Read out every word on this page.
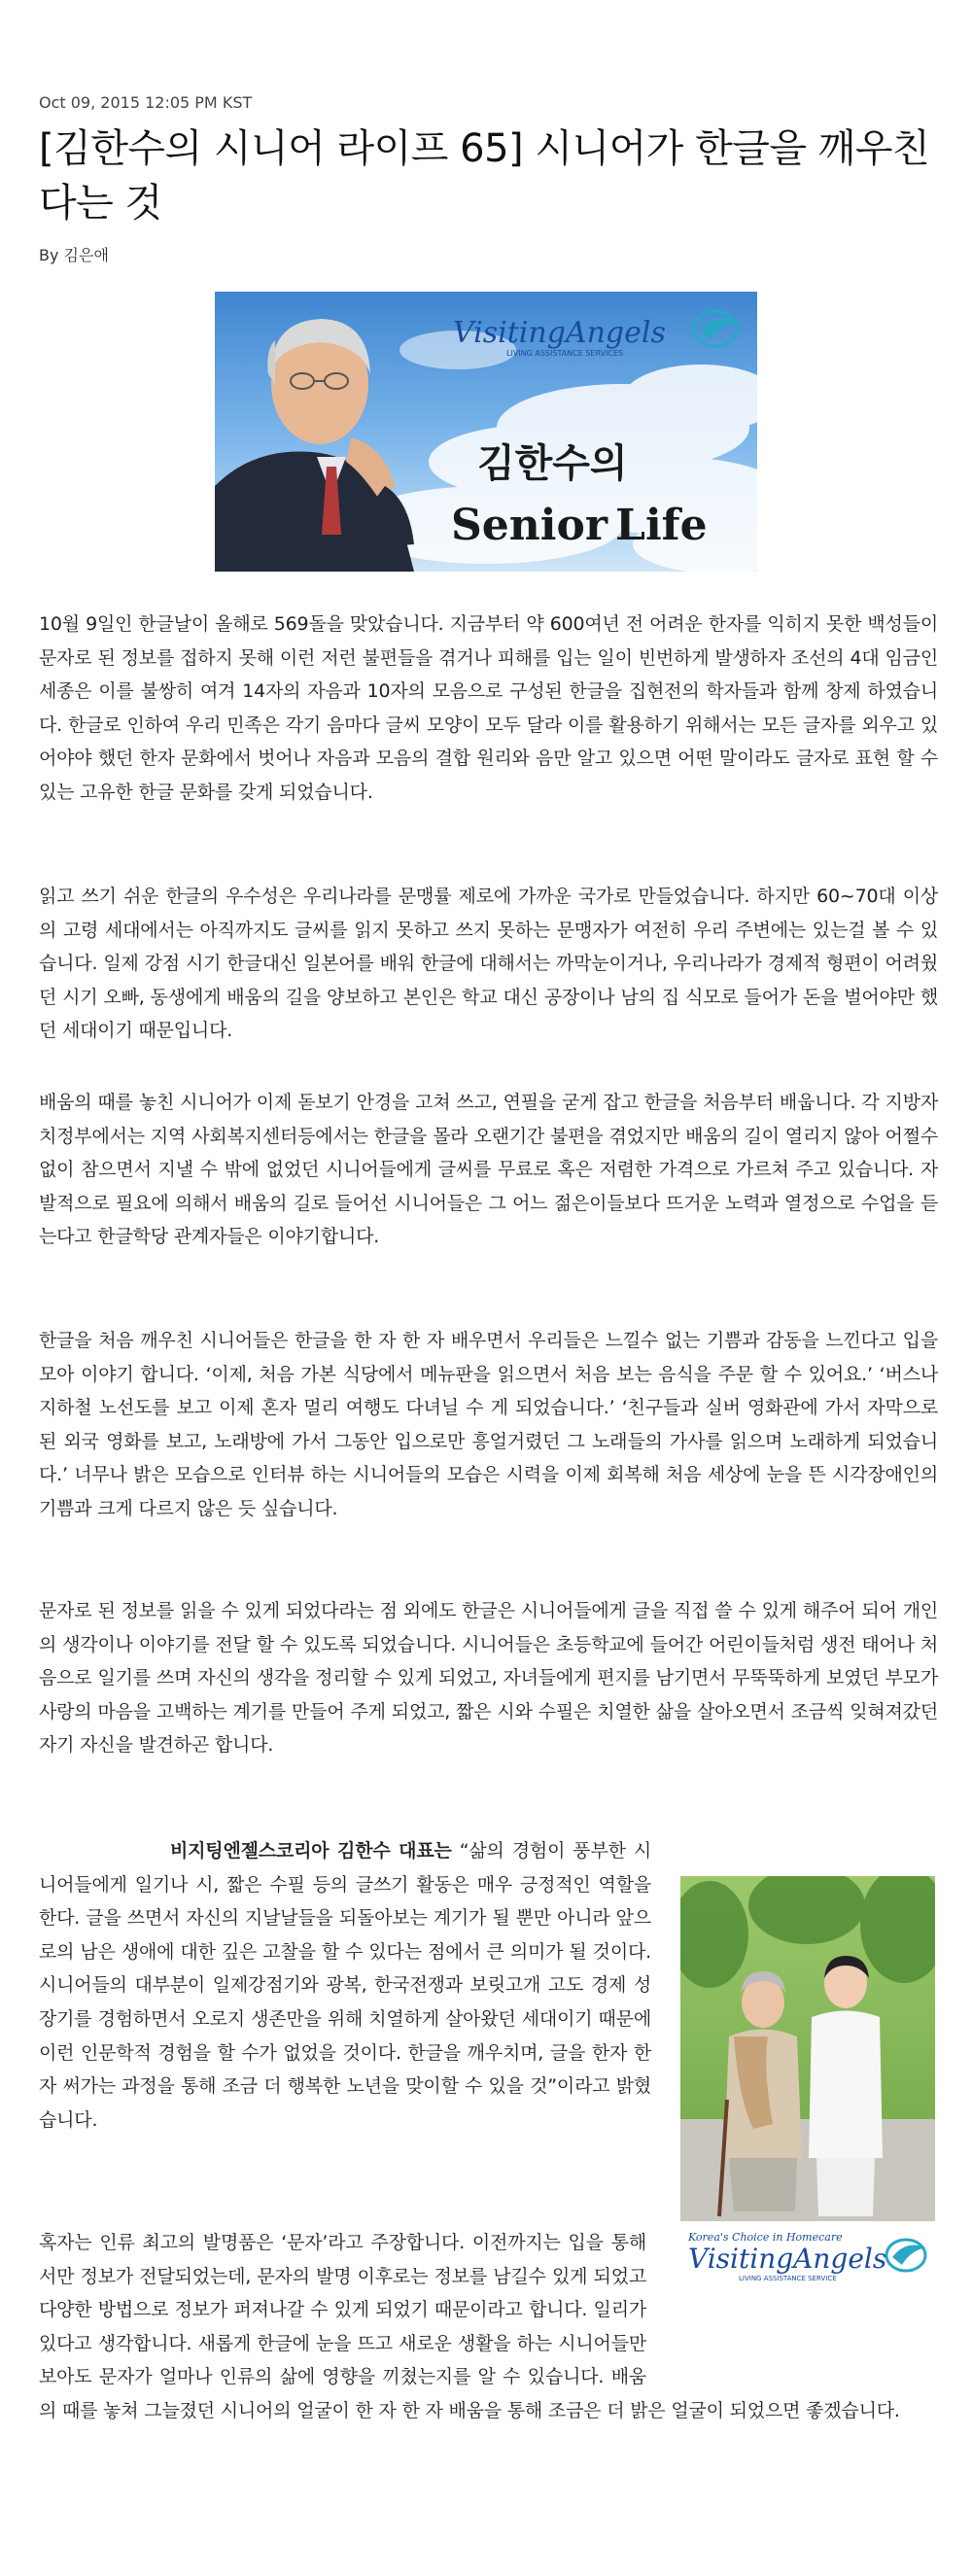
Oct 09, 2015 12:05 PM KST
[김한수의 시니어 라이프 65] 시니어가 한글을 깨우친다는 것
By 김은애
VisitingAngels
LIVING ASSISTANCE SERVICES
김한수의
Senior Life

10월 9일인 한글날이 올해로 569돌을 맞았습니다. 지금부터 약 600여년 전 어려운 한자를 익히지 못한 백성들이 문자로 된 정보를 접하지 못해 이런 저런 불편들을 겪거나 피해를 입는 일이 빈번하게 발생하자 조선의 4대 임금인 세종은 이를 불쌍히 여겨 14자의 자음과 10자의 모음으로 구성된 한글을 집현전의 학자들과 함께 창제 하였습니다. 한글로 인하여 우리 민족은 각기 음마다 글씨 모양이 모두 달라 이를 활용하기 위해서는 모든 글자를 외우고 있어야야 했던 한자 문화에서 벗어나 자음과 모음의 결합 원리와 음만 알고 있으면 어떤 말이라도 글자로 표현 할 수 있는 고유한 한글 문화를 갖게 되었습니다.

읽고 쓰기 쉬운 한글의 우수성은 우리나라를 문맹률 제로에 가까운 국가로 만들었습니다. 하지만 60~70대 이상의 고령 세대에서는 아직까지도 글씨를 읽지 못하고 쓰지 못하는 문맹자가 여전히 우리 주변에는 있는걸 볼 수 있습니다. 일제 강점 시기 한글대신 일본어를 배워 한글에 대해서는 까막눈이거나, 우리나라가 경제적 형편이 어려웠던 시기 오빠, 동생에게 배움의 길을 양보하고 본인은 학교 대신 공장이나 남의 집 식모로 들어가 돈을 벌어야만 했던 세대이기 때문입니다.

배움의 때를 놓친 시니어가 이제 돋보기 안경을 고쳐 쓰고, 연필을 굳게 잡고 한글을 처음부터 배웁니다. 각 지방자치정부에서는 지역 사회복지센터등에서는 한글을 몰라 오랜기간 불편을 겪었지만 배움의 길이 열리지 않아 어쩔수 없이 참으면서 지낼 수 밖에 없었던 시니어들에게 글씨를 무료로 혹은 저렴한 가격으로 가르쳐 주고 있습니다. 자발적으로 필요에 의해서 배움의 길로 들어선 시니어들은 그 어느 젊은이들보다 뜨거운 노력과 열정으로 수업을 듣는다고 한글학당 관계자들은 이야기합니다.

한글을 처음 깨우친 시니어들은 한글을 한 자 한 자 배우면서 우리들은 느낄수 없는 기쁨과 감동을 느낀다고 입을 모아 이야기 합니다. ‘이제, 처음 가본 식당에서 메뉴판을 읽으면서 처음 보는 음식을 주문 할 수 있어요.’ ‘버스나 지하철 노선도를 보고 이제 혼자 멀리 여행도 다녀닐 수 게 되었습니다.’ ‘친구들과 실버 영화관에 가서 자막으로 된 외국 영화를 보고, 노래방에 가서 그동안 입으로만 흥얼거렸던 그 노래들의 가사를 읽으며 노래하게 되었습니다.’ 너무나 밝은 모습으로 인터뷰 하는 시니어들의 모습은 시력을 이제 회복해 처음 세상에 눈을 뜬 시각장애인의 기쁨과 크게 다르지 않은 듯 싶습니다.

문자로 된 정보를 읽을 수 있게 되었다라는 점 외에도 한글은 시니어들에게 글을 직접 쓸 수 있게 해주어 되어 개인의 생각이나 이야기를 전달 할 수 있도록 되었습니다. 시니어들은 초등학교에 들어간 어린이들처럼 생전 태어나 처음으로 일기를 쓰며 자신의 생각을 정리할 수 있게 되었고, 자녀들에게 편지를 남기면서 무뚝뚝하게 보였던 부모가 사랑의 마음을 고백하는 계기를 만들어 주게 되었고, 짧은 시와 수필은 치열한 삶을 살아오면서 조금씩 잊혀져갔던 자기 자신을 발견하곤 합니다.

비지팅엔젤스코리아 김한수 대표는 “삶의 경험이 풍부한 시니어들에게 일기나 시, 짧은 수필 등의 글쓰기 활동은 매우 긍정적인 역할을 한다. 글을 쓰면서 자신의 지날날들을 되돌아보는 계기가 될 뿐만 아니라 앞으로의 남은 생애에 대한 깊은 고찰을 할 수 있다는 점에서 큰 의미가 될 것이다. 시니어들의 대부분이 일제강점기와 광복, 한국전쟁과 보릿고개 고도 경제 성장기를 경험하면서 오로지 생존만을 위해 치열하게 살아왔던 세대이기 때문에 이런 인문학적 경험을 할 수가 없었을 것이다. 한글을 깨우치며, 글을 한자 한자 써가는 과정을 통해 조금 더 행복한 노년을 맞이할 수 있을 것”이라고 밝혔습니다.

Korea's Choice in Homecare
VisitingAngels
LIVING ASSISTANCE SERVICE

혹자는 인류 최고의 발명품은 ‘문자’라고 주장합니다. 이전까지는 입을 통해서만 정보가 전달되었는데, 문자의 발명 이후로는 정보를 남길수 있게 되었고 다양한 방법으로 정보가 퍼져나갈 수 있게 되었기 때문이라고 합니다. 일리가 있다고 생각합니다. 새롭게 한글에 눈을 뜨고 새로운 생활을 하는 시니어들만 보아도 문자가 얼마나 인류의 삶에 영향을 끼쳤는지를 알 수 있습니다. 배움의 때를 놓쳐 그늘졌던 시니어의 얼굴이 한 자 한 자 배움을 통해 조금은 더 밝은 얼굴이 되었으면 좋겠습니다.
